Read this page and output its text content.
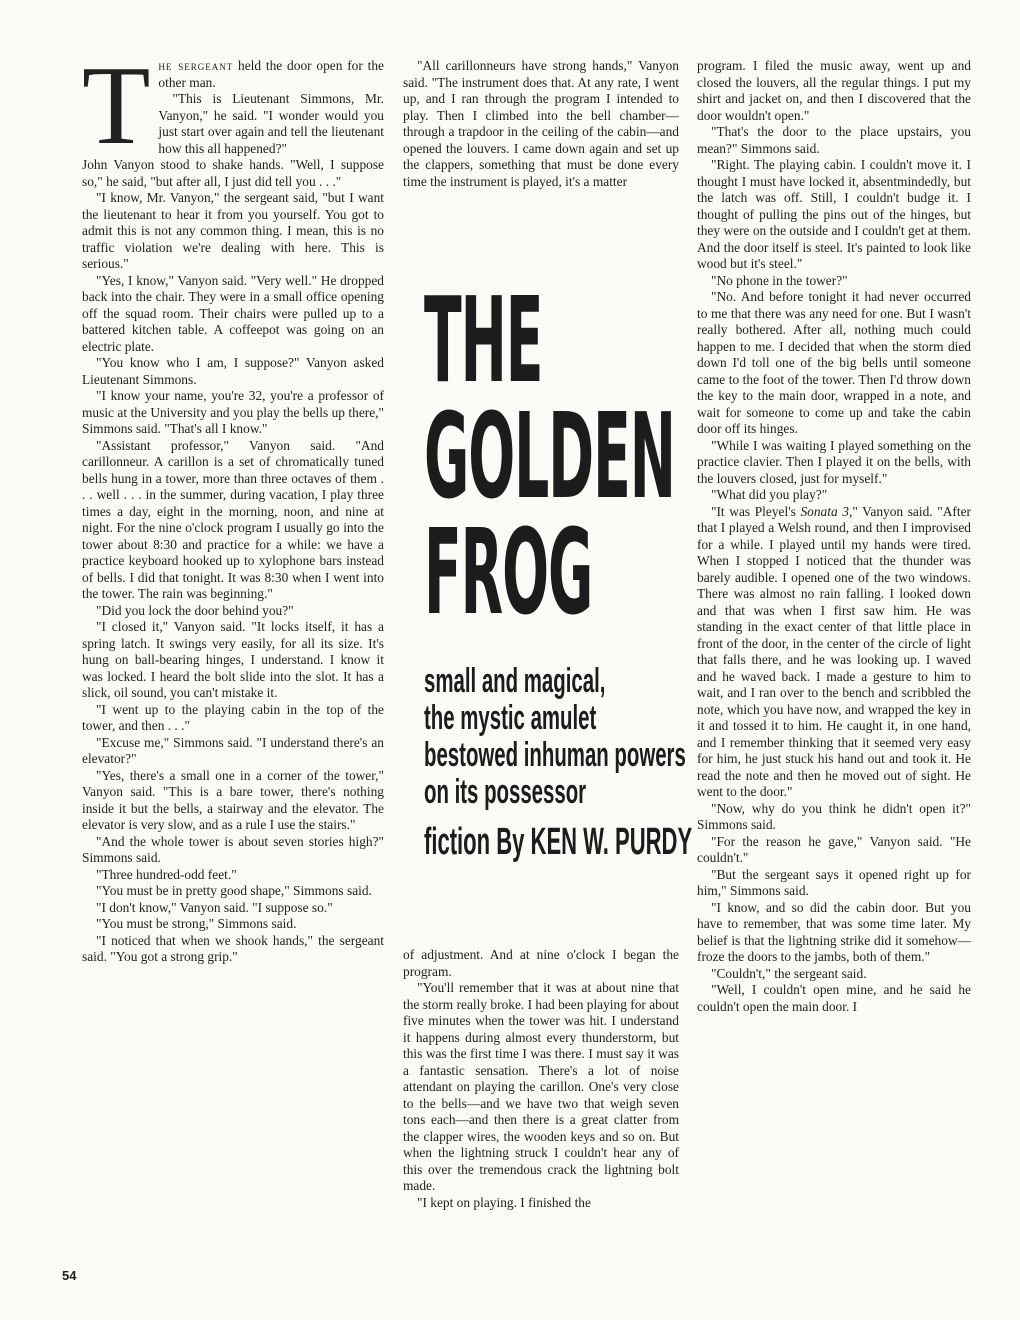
The sergeant held the door open for the other man.

"This is Lieutenant Simmons, Mr. Vanyon," he said. "I wonder would you just start over again and tell the lieutenant how this all happened?"

John Vanyon stood to shake hands. "Well, I suppose so," he said, "but after all, I just did tell you . . ."

"I know, Mr. Vanyon," the sergeant said, "but I want the lieutenant to hear it from you yourself. You got to admit this is not any common thing. I mean, this is no traffic violation we're dealing with here. This is serious."

"Yes, I know," Vanyon said. "Very well." He dropped back into the chair. They were in a small office opening off the squad room. Their chairs were pulled up to a battered kitchen table. A coffeepot was going on an electric plate.

"You know who I am, I suppose?" Vanyon asked Lieutenant Simmons.

"I know your name, you're 32, you're a professor of music at the University and you play the bells up there," Simmons said. "That's all I know."

"Assistant professor," Vanyon said. "And carillonneur. A carillon is a set of chromatically tuned bells hung in a tower, more than three octaves of them . . . well . . . in the summer, during vacation, I play three times a day, eight in the morning, noon, and nine at night. For the nine o'clock program I usually go into the tower about 8:30 and practice for a while: we have a practice keyboard hooked up to xylophone bars instead of bells. I did that tonight. It was 8:30 when I went into the tower. The rain was beginning."

"Did you lock the door behind you?"

"I closed it," Vanyon said. "It locks itself, it has a spring latch. It swings very easily, for all its size. It's hung on ball-bearing hinges, I understand. I know it was locked. I heard the bolt slide into the slot. It has a slick, oil sound, you can't mistake it.

"I went up to the playing cabin in the top of the tower, and then . . ."

"Excuse me," Simmons said. "I understand there's an elevator?"

"Yes, there's a small one in a corner of the tower," Vanyon said. "This is a bare tower, there's nothing inside it but the bells, a stairway and the elevator. The elevator is very slow, and as a rule I use the stairs."

"And the whole tower is about seven stories high?" Simmons said.

"Three hundred-odd feet."

"You must be in pretty good shape," Simmons said.

"I don't know," Vanyon said. "I suppose so."

"You must be strong," Simmons said.

"I noticed that when we shook hands," the sergeant said. "You got a strong grip."

"All carillonneurs have strong hands," Vanyon said. "The instrument does that. At any rate, I went up, and I ran through the program I intended to play. Then I climbed into the bell chamber—through a trapdoor in the ceiling of the cabin—and opened the louvers. I came down again and set up the clappers, something that must be done every time the instrument is played, it's a matter

THE
GOLDEN
FROG
small and magical,
the mystic amulet
bestowed inhuman powers
on its possessor
fiction By KEN W. PURDY

of adjustment. And at nine o'clock I began the program.

"You'll remember that it was at about nine that the storm really broke. I had been playing for about five minutes when the tower was hit. I understand it happens during almost every thunderstorm, but this was the first time I was there. I must say it was a fantastic sensation. There's a lot of noise attendant on playing the carillon. One's very close to the bells—and we have two that weigh seven tons each—and then there is a great clatter from the clapper wires, the wooden keys and so on. But when the lightning struck I couldn't hear any of this over the tremendous crack the lightning bolt made.

"I kept on playing. I finished the

program. I filed the music away, went up and closed the louvers, all the regular things. I put my shirt and jacket on, and then I discovered that the door wouldn't open."

"That's the door to the place upstairs, you mean?" Simmons said.

"Right. The playing cabin. I couldn't move it. I thought I must have locked it, absentmindedly, but the latch was off. Still, I couldn't budge it. I thought of pulling the pins out of the hinges, but they were on the outside and I couldn't get at them. And the door itself is steel. It's painted to look like wood but it's steel."

"No phone in the tower?"

"No. And before tonight it had never occurred to me that there was any need for one. But I wasn't really bothered. After all, nothing much could happen to me. I decided that when the storm died down I'd toll one of the big bells until someone came to the foot of the tower. Then I'd throw down the key to the main door, wrapped in a note, and wait for someone to come up and take the cabin door off its hinges.

"While I was waiting I played something on the practice clavier. Then I played it on the bells, with the louvers closed, just for myself."

"What did you play?"

"It was Pleyel's Sonata 3," Vanyon said. "After that I played a Welsh round, and then I improvised for a while. I played until my hands were tired. When I stopped I noticed that the thunder was barely audible. I opened one of the two windows. There was almost no rain falling. I looked down and that was when I first saw him. He was standing in the exact center of that little place in front of the door, in the center of the circle of light that falls there, and he was looking up. I waved and he waved back. I made a gesture to him to wait, and I ran over to the bench and scribbled the note, which you have now, and wrapped the key in it and tossed it to him. He caught it, in one hand, and I remember thinking that it seemed very easy for him, he just stuck his hand out and took it. He read the note and then he moved out of sight. He went to the door."

"Now, why do you think he didn't open it?" Simmons said.

"For the reason he gave," Vanyon said. "He couldn't."

"But the sergeant says it opened right up for him," Simmons said.

"I know, and so did the cabin door. But you have to remember, that was some time later. My belief is that the lightning strike did it somehow—froze the doors to the jambs, both of them."

"Couldn't," the sergeant said.

"Well, I couldn't open mine, and he said he couldn't open the main door. I

54
